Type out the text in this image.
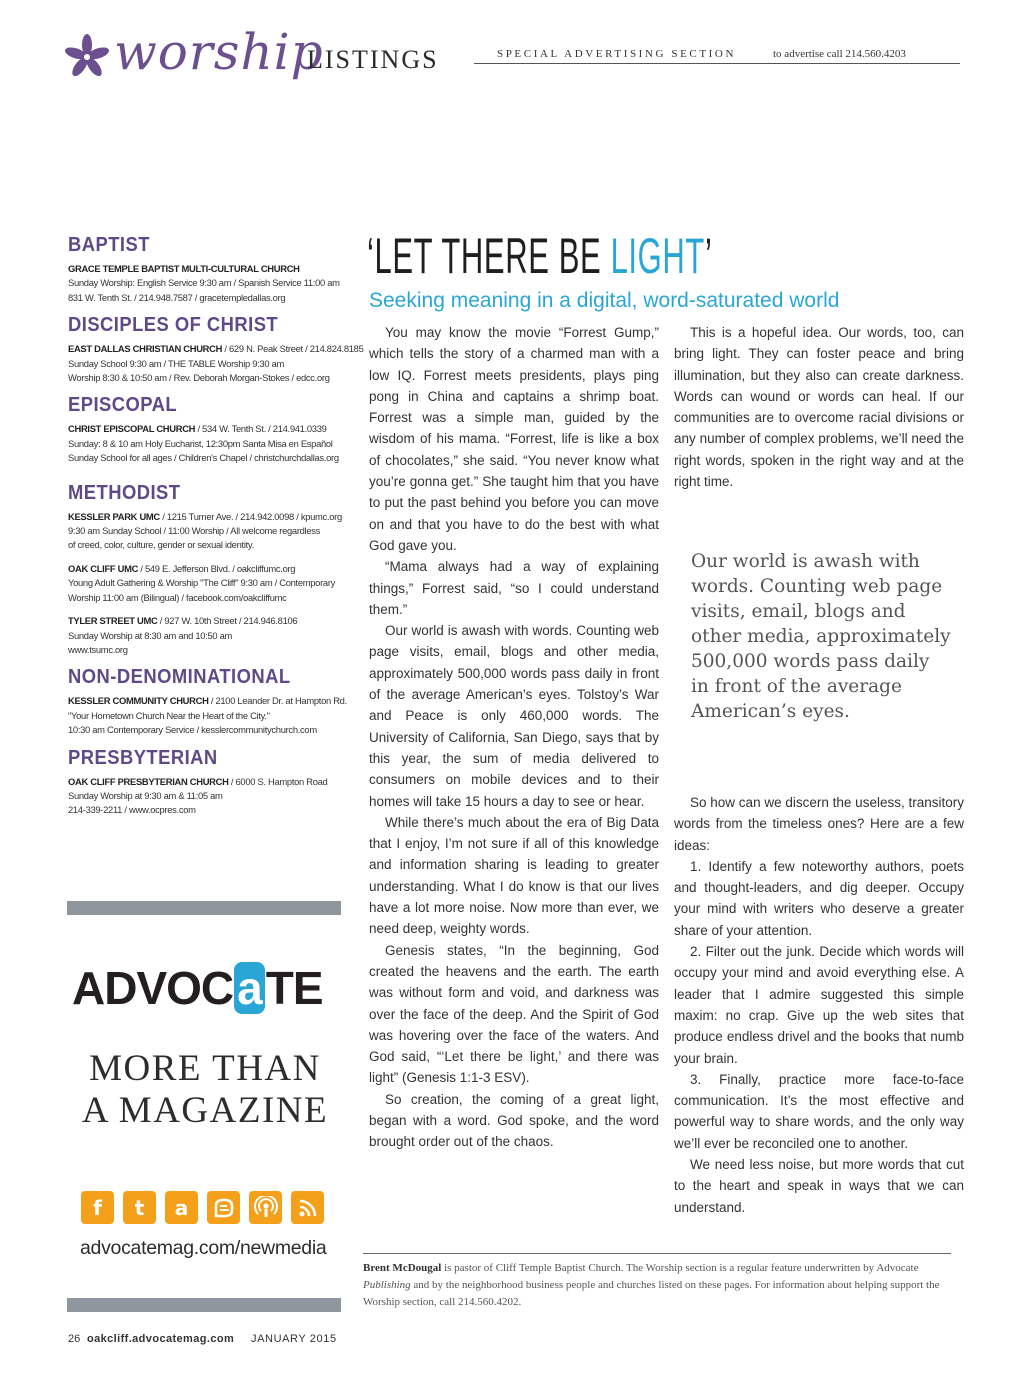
worship
LISTINGS	SPECIAL ADVERTISING SECTION	to advertise call 214.560.4203
BAPTIST
GRACE TEMPLE BAPTIST MULTI-CULTURAL CHURCH
Sunday Worship: English Service 9:30 am / Spanish Service 11:00 am
831 W. Tenth St. / 214.948.7587 / gracetempledallas.org
DISCIPLES OF CHRIST
EAST DALLAS CHRISTIAN CHURCH / 629 N. Peak Street / 214.824.8185
Sunday School 9:30 am / THE TABLE Worship 9:30 am
Worship 8:30 & 10:50 am / Rev. Deborah Morgan-Stokes / edcc.org
EPISCOPAL
CHRIST EPISCOPAL CHURCH / 534 W. Tenth St. / 214.941.0339
Sunday: 8 & 10 am Holy Eucharist, 12:30pm Santa Misa en Español
Sunday School for all ages / Children's Chapel / christchurchdallas.org
METHODIST
KESSLER PARK UMC / 1215 Turner Ave. / 214.942.0098 / kpumc.org
9:30 am Sunday School / 11:00 Worship / All welcome regardless
of creed, color, culture, gender or sexual identity.
OAK CLIFF UMC / 549 E. Jefferson Blvd. / oakcliffumc.org
Young Adult Gathering & Worship "The Cliff" 9:30 am / Contemporary
Worship 11:00 am (Bilingual) / facebook.com/oakcliffumc
TYLER STREET UMC / 927 W. 10th Street / 214.946.8106
Sunday Worship at 8:30 am and 10:50 am
www.tsumc.org
NON-DENOMINATIONAL
KESSLER COMMUNITY CHURCH / 2100 Leander Dr. at Hampton Rd.
"Your Hometown Church Near the Heart of the City."
10:30 am Contemporary Service / kesslercommunitychurch.com
PRESBYTERIAN
OAK CLIFF PRESBYTERIAN CHURCH / 6000 S. Hampton Road
Sunday Worship at 9:30 am & 11:05 am
214-339-2211 / www.ocpres.com
ADVOCaTE
MORE THAN
A MAGAZINE
f	t	a
advocatemag.com/newmedia
26 oakcliff.advocatemag.com JANUARY 2015
‘LET THERE BE LIGHT’
Seeking meaning in a digital, word-saturated world

You may know the movie “Forrest Gump,” which tells the story of a charmed man with a low IQ. Forrest meets presidents, plays ping pong in China and captains a shrimp boat. Forrest was a simple man, guided by the wisdom of his mama. “Forrest, life is like a box of chocolates,” she said. “You never know what you’re gonna get.” She taught him that you have to put the past behind you before you can move on and that you have to do the best with what God gave you.

“Mama always had a way of explaining things,” Forrest said, “so I could understand them.”

Our world is awash with words. Counting web page visits, email, blogs and other media, approximately 500,000 words pass daily in front of the average American’s eyes. Tolstoy’s War and Peace is only 460,000 words. The University of California, San Diego, says that by this year, the sum of media delivered to consumers on mobile devices and to their homes will take 15 hours a day to see or hear.

While there’s much about the era of Big Data that I enjoy, I’m not sure if all of this knowledge and information sharing is leading to greater understanding. What I do know is that our lives have a lot more noise. Now more than ever, we need deep, weighty words.

Genesis states, “In the beginning, God created the heavens and the earth. The earth was without form and void, and darkness was over the face of the deep. And the Spirit of God was hovering over the face of the waters. And God said, “‘Let there be light,’ and there was light” (Genesis 1:1-3 ESV).

So creation, the coming of a great light, began with a word. God spoke, and the word brought order out of the chaos.

This is a hopeful idea. Our words, too, can bring light. They can foster peace and bring illumination, but they also can create darkness. Words can wound or words can heal. If our communities are to overcome racial divisions or any number of complex problems, we’ll need the right words, spoken in the right way and at the right time.

Our world is awash with words. Counting web page visits, email, blogs and other media, approximately 500,000 words pass daily in front of the average American’s eyes.

So how can we discern the useless, transitory words from the timeless ones? Here are a few ideas:

1. Identify a few noteworthy authors, poets and thought-leaders, and dig deeper. Occupy your mind with writers who deserve a greater share of your attention.

2. Filter out the junk. Decide which words will occupy your mind and avoid everything else. A leader that I admire suggested this simple maxim: no crap. Give up the web sites that produce endless drivel and the books that numb your brain.

3. Finally, practice more face-to-face communication. It’s the most effective and powerful way to share words, and the only way we’ll ever be reconciled one to another.

We need less noise, but more words that cut to the heart and speak in ways that we can understand.

Brent McDougal is pastor of Cliff Temple Baptist Church. The Worship section is a regular feature underwritten by Advocate Publishing and by the neighborhood business people and churches listed on these pages. For information about helping support the Worship section, call 214.560.4202.
